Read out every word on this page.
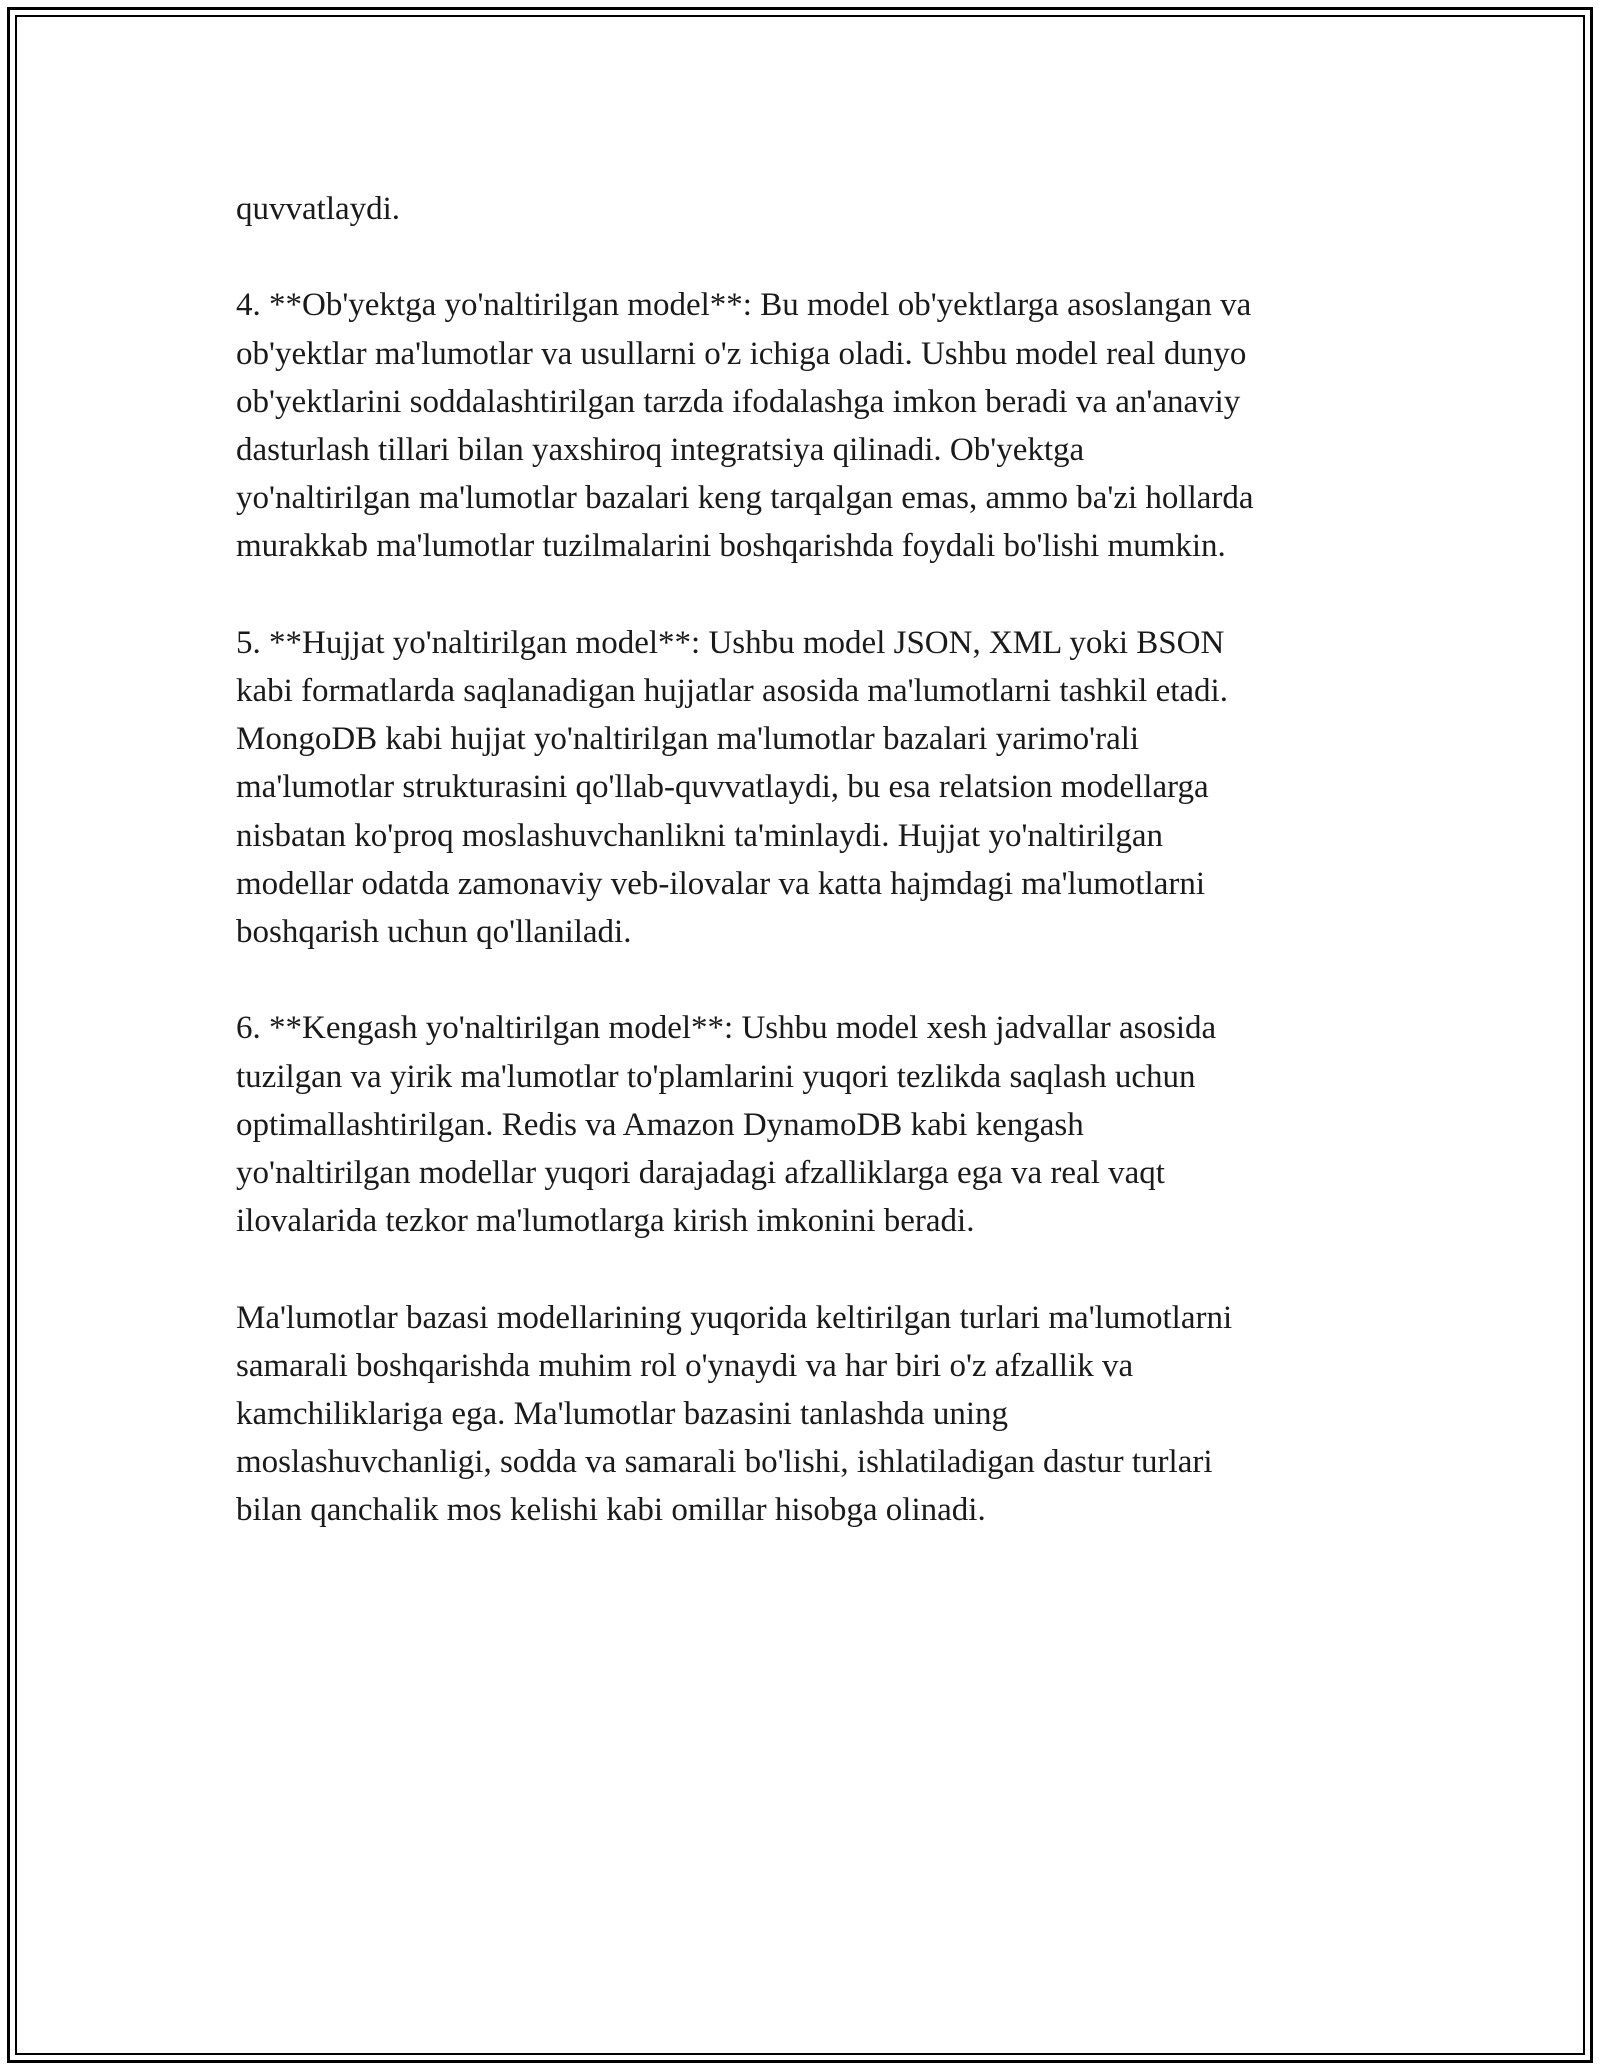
quvvatlaydi.

4. **Ob'yektga yo'naltirilgan model**: Bu model ob'yektlarga asoslangan va
ob'yektlar ma'lumotlar va usullarni o'z ichiga oladi. Ushbu model real dunyo
ob'yektlarini soddalashtirilgan tarzda ifodalashga imkon beradi va an'anaviy
dasturlash tillari bilan yaxshiroq integratsiya qilinadi. Ob'yektga
yo'naltirilgan ma'lumotlar bazalari keng tarqalgan emas, ammo ba'zi hollarda
murakkab ma'lumotlar tuzilmalarini boshqarishda foydali bo'lishi mumkin.

5. **Hujjat yo'naltirilgan model**: Ushbu model JSON, XML yoki BSON
kabi formatlarda saqlanadigan hujjatlar asosida ma'lumotlarni tashkil etadi.
MongoDB kabi hujjat yo'naltirilgan ma'lumotlar bazalari yarimo'rali
ma'lumotlar strukturasini qo'llab-quvvatlaydi, bu esa relatsion modellarga
nisbatan ko'proq moslashuvchanlikni ta'minlaydi. Hujjat yo'naltirilgan
modellar odatda zamonaviy veb-ilovalar va katta hajmdagi ma'lumotlarni
boshqarish uchun qo'llaniladi.

6. **Kengash yo'naltirilgan model**: Ushbu model xesh jadvallar asosida
tuzilgan va yirik ma'lumotlar to'plamlarini yuqori tezlikda saqlash uchun
optimallashtirilgan. Redis va Amazon DynamoDB kabi kengash
yo'naltirilgan modellar yuqori darajadagi afzalliklarga ega va real vaqt
ilovalarida tezkor ma'lumotlarga kirish imkonini beradi.

Ma'lumotlar bazasi modellarining yuqorida keltirilgan turlari ma'lumotlarni
samarali boshqarishda muhim rol o'ynaydi va har biri o'z afzallik va
kamchiliklariga ega. Ma'lumotlar bazasini tanlashda uning
moslashuvchanligi, sodda va samarali bo'lishi, ishlatiladigan dastur turlari
bilan qanchalik mos kelishi kabi omillar hisobga olinadi.
